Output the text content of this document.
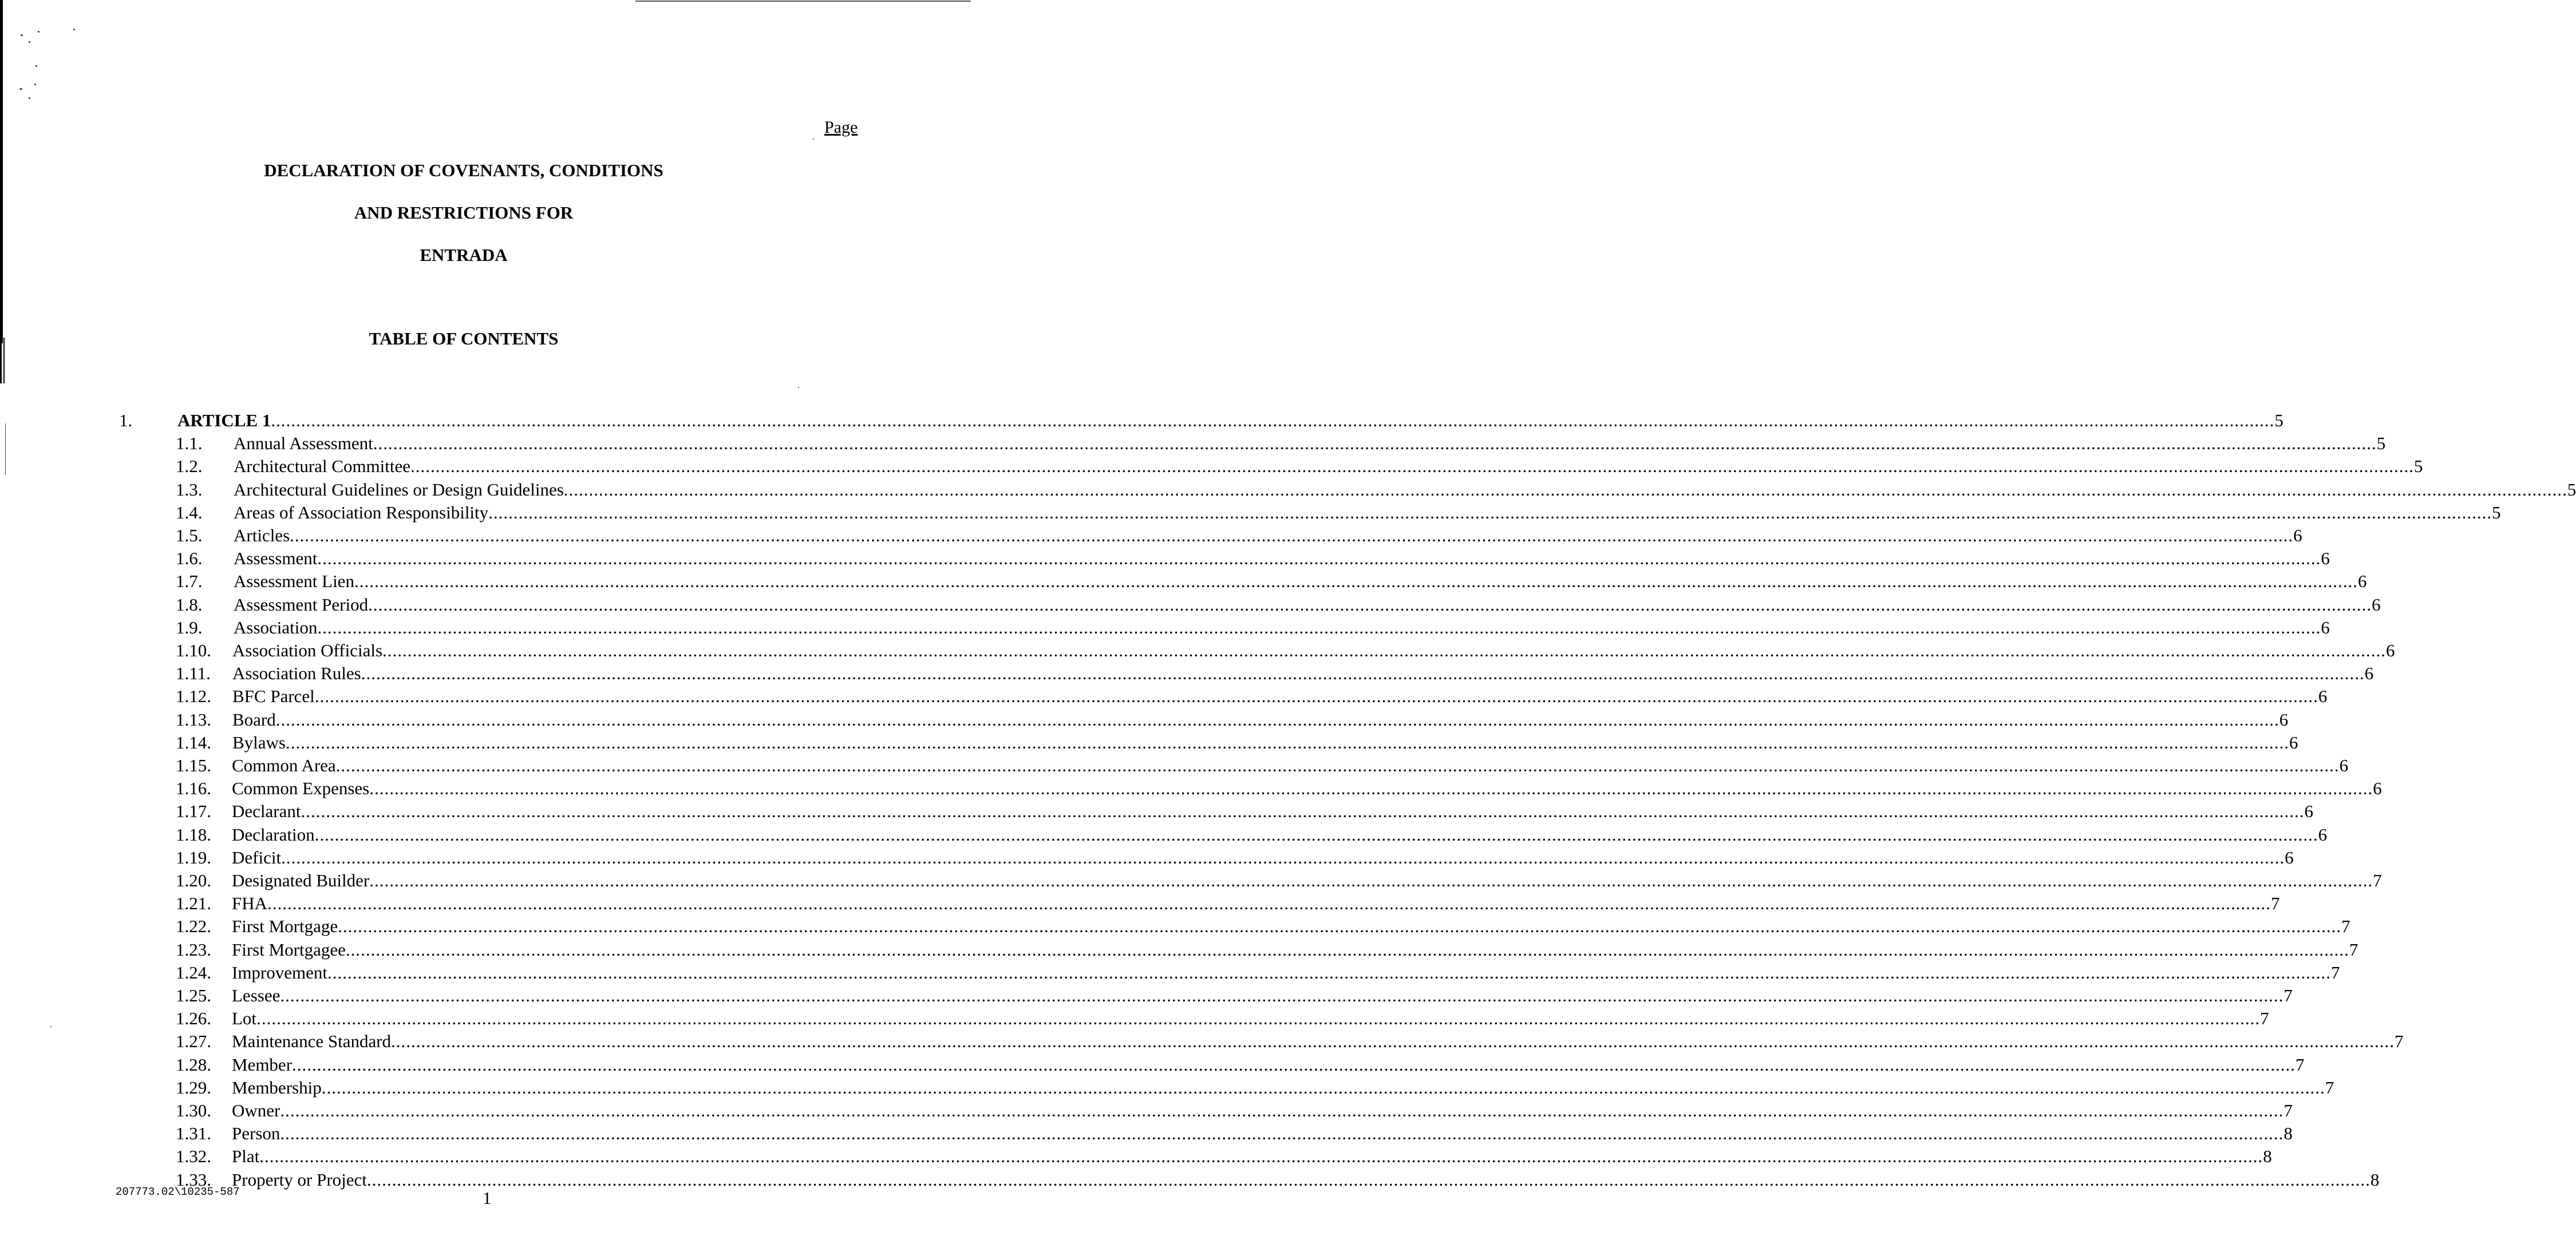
Page
DECLARATION OF COVENANTS, CONDITIONS
AND RESTRICTIONS FOR
ENTRADA
TABLE OF CONTENTS
1.	ARTICLE 1 ................................................................................................................................................................................................................................................................................................................................................................................................................ 5
1.1. Annual Assessment ................................................................................................................................................................................................................................................................................................................................................................................................................ 5
1.2. Architectural Committee ................................................................................................................................................................................................................................................................................................................................................................................................................ 5
1.3. Architectural Guidelines or Design Guidelines ................................................................................................................................................................................................................................................................................................................................................................................................................ 5
1.4. Areas of Association Responsibility ................................................................................................................................................................................................................................................................................................................................................................................................................ 5
1.5. Articles ................................................................................................................................................................................................................................................................................................................................................................................................................ 6
1.6. Assessment ................................................................................................................................................................................................................................................................................................................................................................................................................ 6
1.7. Assessment Lien ................................................................................................................................................................................................................................................................................................................................................................................................................ 6
1.8. Assessment Period ................................................................................................................................................................................................................................................................................................................................................................................................................ 6
1.9. Association ................................................................................................................................................................................................................................................................................................................................................................................................................ 6
1.10. Association Officials ................................................................................................................................................................................................................................................................................................................................................................................................................ 6
1.11. Association Rules ................................................................................................................................................................................................................................................................................................................................................................................................................ 6
1.12. BFC Parcel ................................................................................................................................................................................................................................................................................................................................................................................................................ 6
1.13. Board ................................................................................................................................................................................................................................................................................................................................................................................................................ 6
1.14. Bylaws ................................................................................................................................................................................................................................................................................................................................................................................................................ 6
1.15. Common Area ................................................................................................................................................................................................................................................................................................................................................................................................................ 6
1.16. Common Expenses ................................................................................................................................................................................................................................................................................................................................................................................................................ 6
1.17. Declarant ................................................................................................................................................................................................................................................................................................................................................................................................................ 6
1.18. Declaration ................................................................................................................................................................................................................................................................................................................................................................................................................ 6
1.19. Deficit ................................................................................................................................................................................................................................................................................................................................................................................................................ 6
1.20. Designated Builder ................................................................................................................................................................................................................................................................................................................................................................................................................ 7
1.21. FHA ................................................................................................................................................................................................................................................................................................................................................................................................................ 7
1.22. First Mortgage ................................................................................................................................................................................................................................................................................................................................................................................................................ 7
1.23. First Mortgagee ................................................................................................................................................................................................................................................................................................................................................................................................................ 7
1.24. Improvement ................................................................................................................................................................................................................................................................................................................................................................................................................ 7
1.25. Lessee ................................................................................................................................................................................................................................................................................................................................................................................................................ 7
1.26. Lot ................................................................................................................................................................................................................................................................................................................................................................................................................ 7
1.27. Maintenance Standard ................................................................................................................................................................................................................................................................................................................................................................................................................ 7
1.28. Member ................................................................................................................................................................................................................................................................................................................................................................................................................ 7
1.29. Membership ................................................................................................................................................................................................................................................................................................................................................................................................................ 7
1.30. Owner ................................................................................................................................................................................................................................................................................................................................................................................................................ 7
1.31. Person ................................................................................................................................................................................................................................................................................................................................................................................................................ 8
1.32. Plat ................................................................................................................................................................................................................................................................................................................................................................................................................ 8
1.33. Property or Project ................................................................................................................................................................................................................................................................................................................................................................................................................ 8
207773.02\10235-587	1
